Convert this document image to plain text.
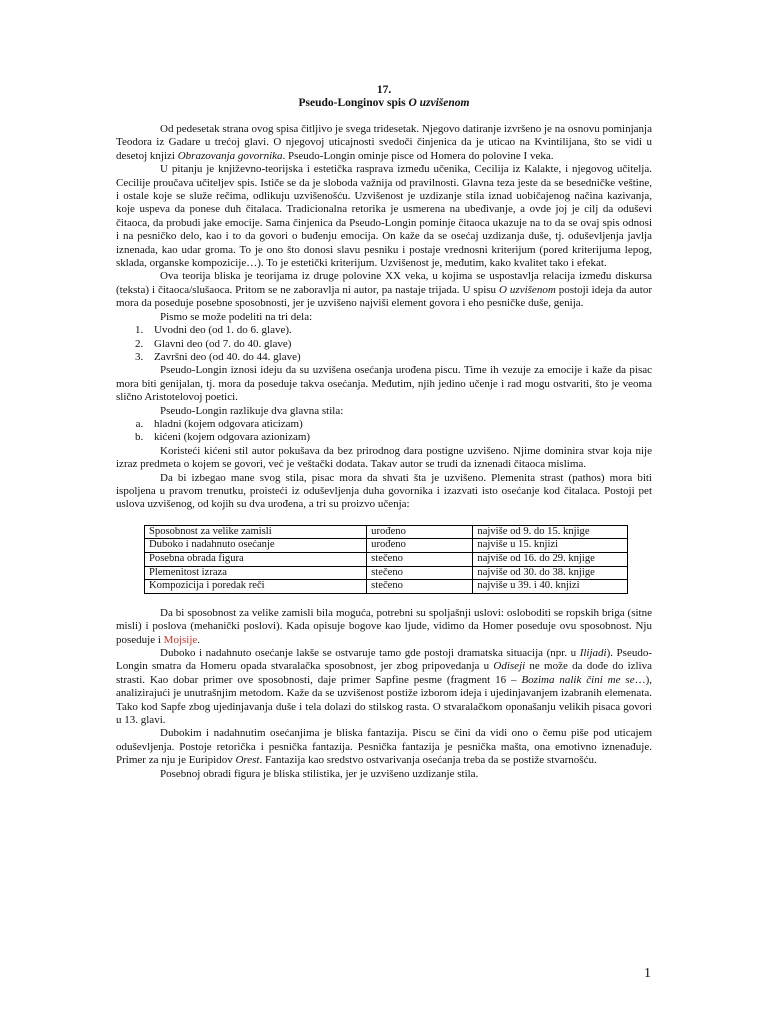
17.
Pseudo-Longinov spis O uzvišenom

Od pedesetak strana ovog spisa čitljivo je svega tridesetak. Njegovo datiranje izvršeno je na osnovu pominjanja Teodora iz Gadare u trećoj glavi. O njegovoj uticajnosti svedoči činjenica da je uticao na Kvintilijana, što se vidi u desetoj knjizi Obrazovanja govornika. Pseudo-Longin ominje pisce od Homera do polovine I veka.

U pitanju je književno-teorijska i estetička rasprava između učenika, Cecilija iz Kalakte, i njegovog učitelja. Cecilije proučava učiteljev spis. Ističe se da je sloboda važnija od pravilnosti. Glavna teza jeste da se besedničke veštine, i ostale koje se služe rečima, odlikuju uzvišenošću. Uzvišenost je uzdizanje stila iznad uobičajenog načina kazivanja, koje uspeva da ponese duh čitalaca. Tradicionalna retorika je usmerena na ubeđivanje, a ovde joj je cilj da oduševi čitaoca, da probudi jake emocije. Sama činjenica da Pseudo-Longin pominje čitaoca ukazuje na to da se ovaj spis odnosi i na pesničko delo, kao i to da govori o buđenju emocija. On kaže da se osećaj uzdizanja duše, tj. oduševljenja javlja iznenada, kao udar groma. To je ono što donosi slavu pesniku i postaje vrednosni kriterijum (pored kriterijuma lepog, sklada, organske kompozicije…). To je estetički kriterijum. Uzvišenost je, međutim, kako kvalitet tako i efekat.

Ova teorija bliska je teorijama iz druge polovine XX veka, u kojima se uspostavlja relacija između diskursa (teksta) i čitaoca/slušaoca. Pritom se ne zaboravlja ni autor, pa nastaje trijada. U spisu O uzvišenom postoji ideja da autor mora da poseduje posebne sposobnosti, jer je uzvišeno najviši element govora i eho pesničke duše, genija.

Pismo se može podeliti na tri dela:

1. Uvodni deo (od 1. do 6. glave).
2. Glavni deo (od 7. do 40. glave)
3. Završni deo (od 40. do 44. glave)

Pseudo-Longin iznosi ideju da su uzvišena osećanja urođena piscu. Time ih vezuje za emocije i kaže da pisac mora biti genijalan, tj. mora da poseduje takva osećanja. Međutim, njih jedino učenje i rad mogu ostvariti, što je veoma slično Aristotelovoj poetici.

Pseudo-Longin razlikuje dva glavna stila:

a. hladni (kojem odgovara aticizam)
b. kićeni (kojem odgovara azionizam)

Koristeći kićeni stil autor pokušava da bez prirodnog dara postigne uzvišeno. Njime dominira stvar koja nije izraz predmeta o kojem se govori, već je veštački dodata. Takav autor se trudi da iznenadi čitaoca mislima.

Da bi izbegao mane svog stila, pisac mora da shvati šta je uzvišeno. Plemenita strast (pathos) mora biti ispoljena u pravom trenutku, proisteći iz oduševljenja duha govornika i izazvati isto osećanje kod čitalaca. Postoji pet uslova uzvišenog, od kojih su dva urođena, a tri su proizvo učenja:

Sposobnost za velike zamisli	urođeno	najviše od 9. do 15. knjige
Duboko i nadahnuto osećanje	urođeno	najviše u 15. knjizi
Posebna obrada figura	stečeno	najviše od 16. do 29. knjige
Plemenitost izraza	stečeno	najviše od 30. do 38. knjige
Kompozicija i poredak reči	stečeno	najviše u 39. i 40. knjizi

Da bi sposobnost za velike zamisli bila moguća, potrebni su spoljašnji uslovi: osloboditi se ropskih briga (sitne misli) i poslova (mehanički poslovi). Kada opisuje bogove kao ljude, vidimo da Homer poseduje ovu sposobnost. Nju poseduje i Mojsije.

Duboko i nadahnuto osećanje lakše se ostvaruje tamo gde postoji dramatska situacija (npr. u Ilijadi). Pseudo-Longin smatra da Homeru opada stvaralačka sposobnost, jer zbog pripovedanja u Odiseji ne može da dođe do izliva strasti. Kao dobar primer ove sposobnosti, daje primer Sapfine pesme (fragment 16 – Bozima nalik čini me se…), analizirajući je unutrašnjim metodom. Kaže da se uzvišenost postiže izborom ideja i ujedinjavanjem izabranih elemenata. Tako kod Sapfe zbog ujedinjavanja duše i tela dolazi do stilskog rasta. O stvaralačkom oponašanju velikih pisaca govori u 13. glavi.

Dubokim i nadahnutim osećanjima je bliska fantazija. Piscu se čini da vidi ono o čemu piše pod uticajem oduševljenja. Postoje retorička i pesnička fantazija. Pesnička fantazija je pesnička mašta, ona emotivno iznenađuje. Primer za nju je Euripidov Orest. Fantazija kao sredstvo ostvarivanja osećanja treba da se postiže stvarnošću.

Posebnoj obradi figura je bliska stilistika, jer je uzvišeno uzdizanje stila.

1
